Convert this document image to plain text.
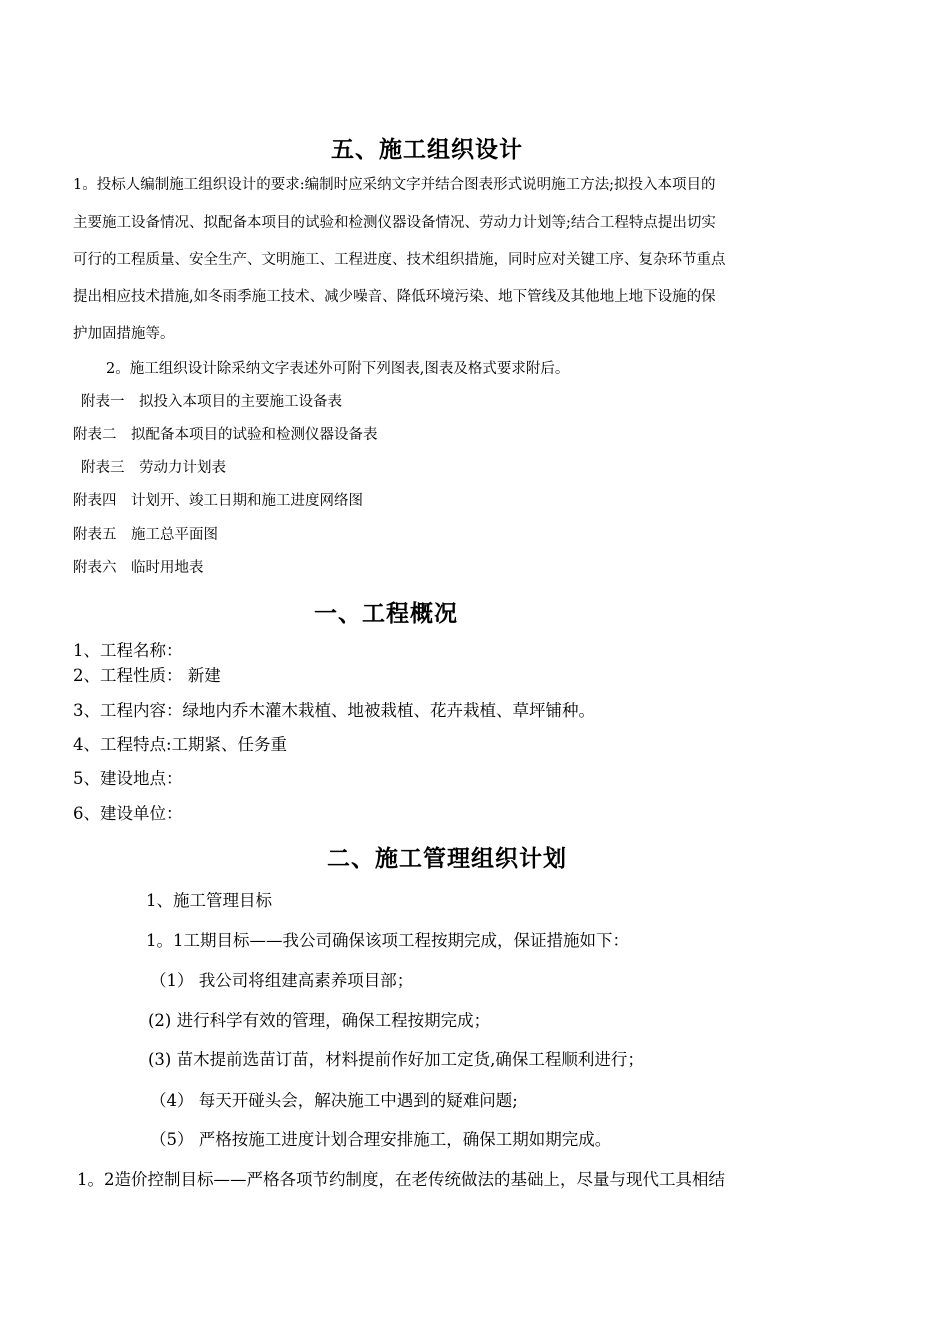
五、施工组织设计
1。投标人编制施工组织设计的要求:编制时应采纳文字并结合图表形式说明施工方法;拟投入本项目的
主要施工设备情况、拟配备本项目的试验和检测仪器设备情况、劳动力计划等;结合工程特点提出切实
可行的工程质量、安全生产、文明施工、工程进度、技术组织措施，同时应对关键工序、复杂环节重点
提出相应技术措施,如冬雨季施工技术、减少噪音、降低环境污染、地下管线及其他地上地下设施的保
护加固措施等。
2。施工组织设计除采纳文字表述外可附下列图表,图表及格式要求附后。
附表一　拟投入本项目的主要施工设备表
附表二　拟配备本项目的试验和检测仪器设备表
附表三　劳动力计划表
附表四　计划开、竣工日期和施工进度网络图
附表五　施工总平面图
附表六　临时用地表
一、工程概况
1、工程名称：
2、工程性质： 新建
3、工程内容：绿地内乔木灌木栽植、地被栽植、花卉栽植、草坪铺种。
4、工程特点:工期紧、任务重
5、建设地点：
6、建设单位：
二、施工管理组织计划
1、施工管理目标
1。1工期目标——我公司确保该项工程按期完成，保证措施如下：
（1） 我公司将组建高素养项目部；
(2) 进行科学有效的管理，确保工程按期完成；
(3) 苗木提前选苗订苗，材料提前作好加工定货,确保工程顺利进行；
（4） 每天开碰头会，解决施工中遇到的疑难问题;
（5） 严格按施工进度计划合理安排施工，确保工期如期完成。
1。2造价控制目标——严格各项节约制度，在老传统做法的基础上，尽量与现代工具相结
